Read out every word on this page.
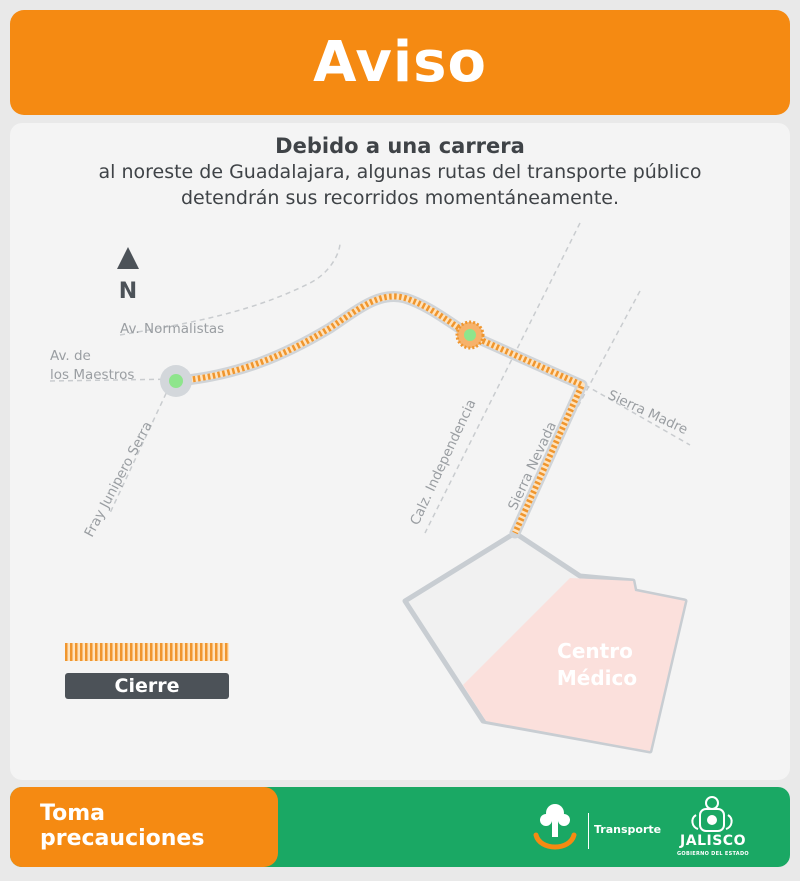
Aviso
Centro
Médico
N
Av. Normalistas
Av. de
los Maestros
Fray Junipero Serra	Calz. Independencia Sierra Nevada
Sierra Madre
Debido a una carrera
al noreste de Guadalajara, algunas rutas del transporte público detendrán sus recorridos momentáneamente.
Cierre
Toma
precauciones	Transporte
JALISCO
GOBIERNO DEL ESTADO
